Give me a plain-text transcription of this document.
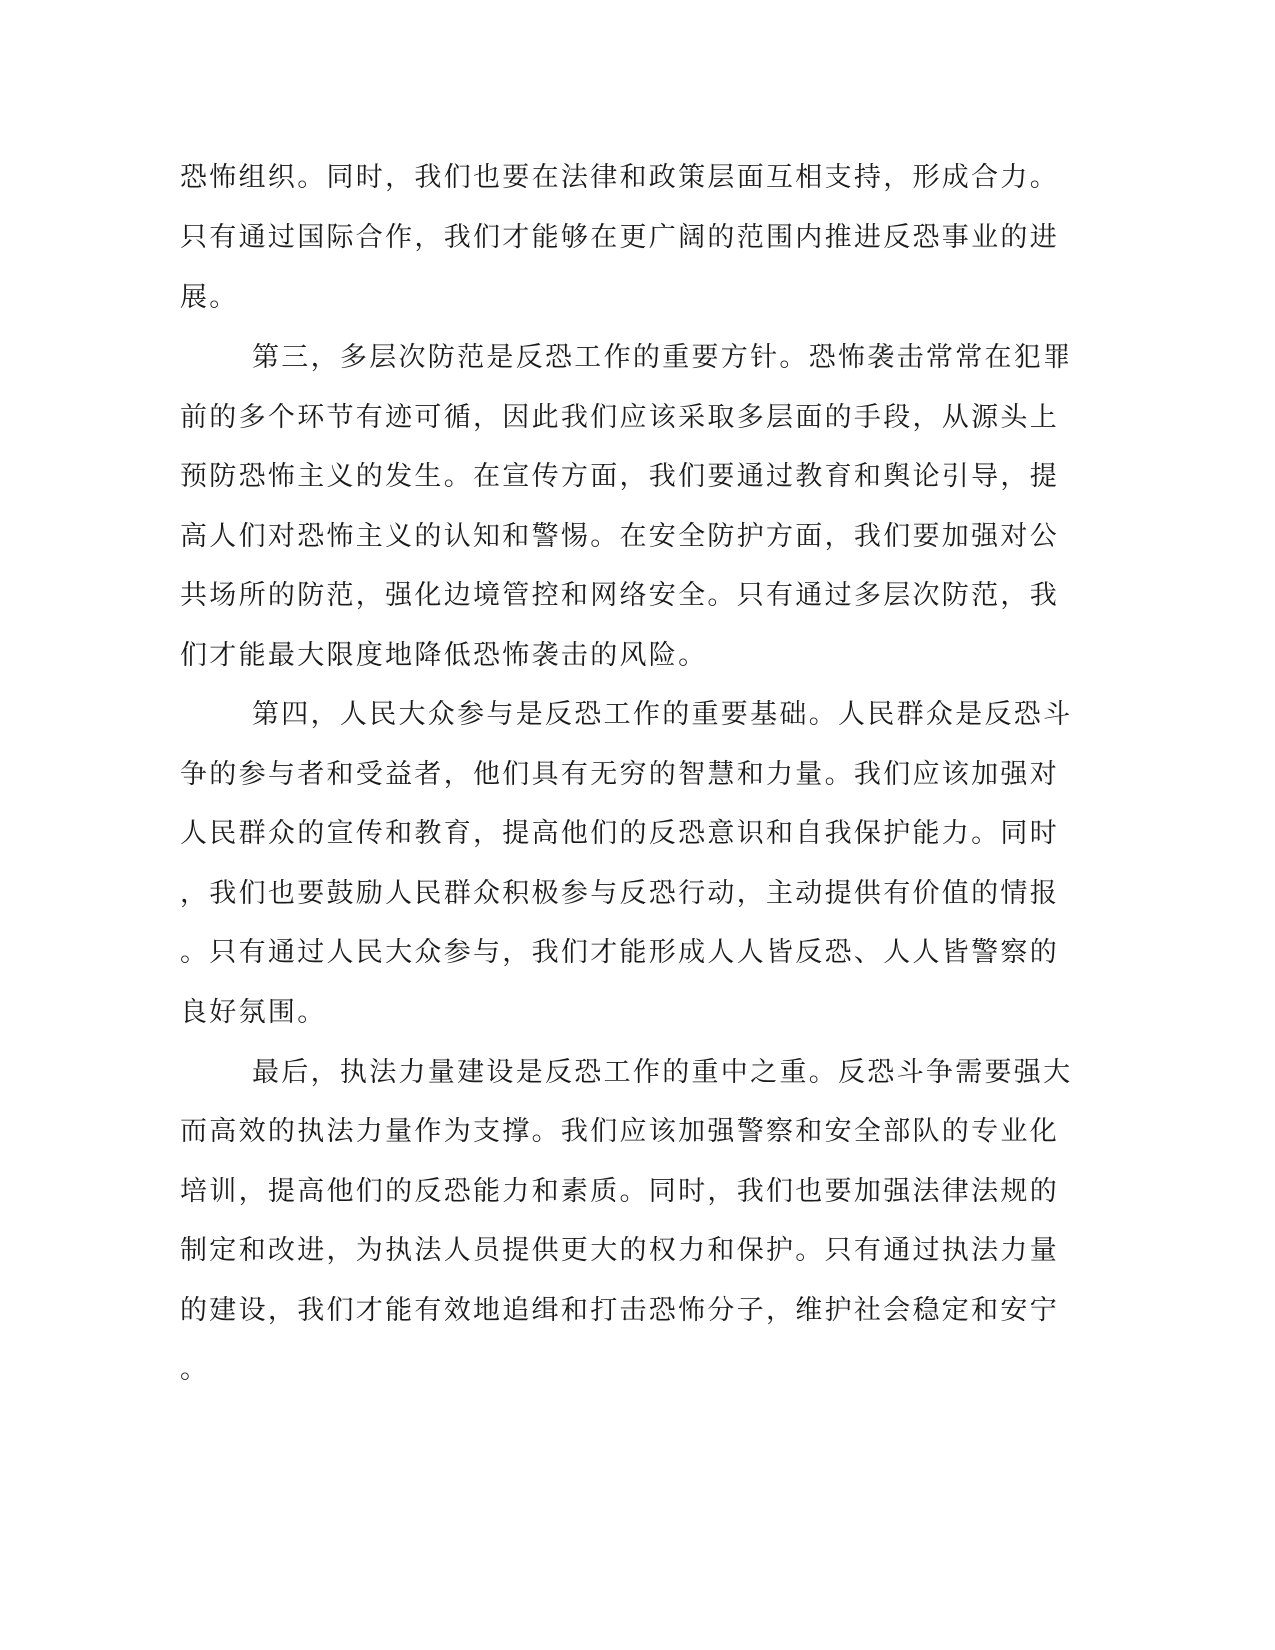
恐怖组织。同时，我们也要在法律和政策层面互相支持，形成合力。

只有通过国际合作，我们才能够在更广阔的范围内推进反恐事业的进

展。

第三，多层次防范是反恐工作的重要方针。恐怖袭击常常在犯罪

前的多个环节有迹可循，因此我们应该采取多层面的手段，从源头上

预防恐怖主义的发生。在宣传方面，我们要通过教育和舆论引导，提

高人们对恐怖主义的认知和警惕。在安全防护方面，我们要加强对公

共场所的防范，强化边境管控和网络安全。只有通过多层次防范，我

们才能最大限度地降低恐怖袭击的风险。

第四，人民大众参与是反恐工作的重要基础。人民群众是反恐斗

争的参与者和受益者，他们具有无穷的智慧和力量。我们应该加强对

人民群众的宣传和教育，提高他们的反恐意识和自我保护能力。同时

，我们也要鼓励人民群众积极参与反恐行动，主动提供有价值的情报

。只有通过人民大众参与，我们才能形成人人皆反恐、人人皆警察的

良好氛围。

最后，执法力量建设是反恐工作的重中之重。反恐斗争需要强大

而高效的执法力量作为支撑。我们应该加强警察和安全部队的专业化

培训，提高他们的反恐能力和素质。同时，我们也要加强法律法规的

制定和改进，为执法人员提供更大的权力和保护。只有通过执法力量

的建设，我们才能有效地追缉和打击恐怖分子，维护社会稳定和安宁

。
